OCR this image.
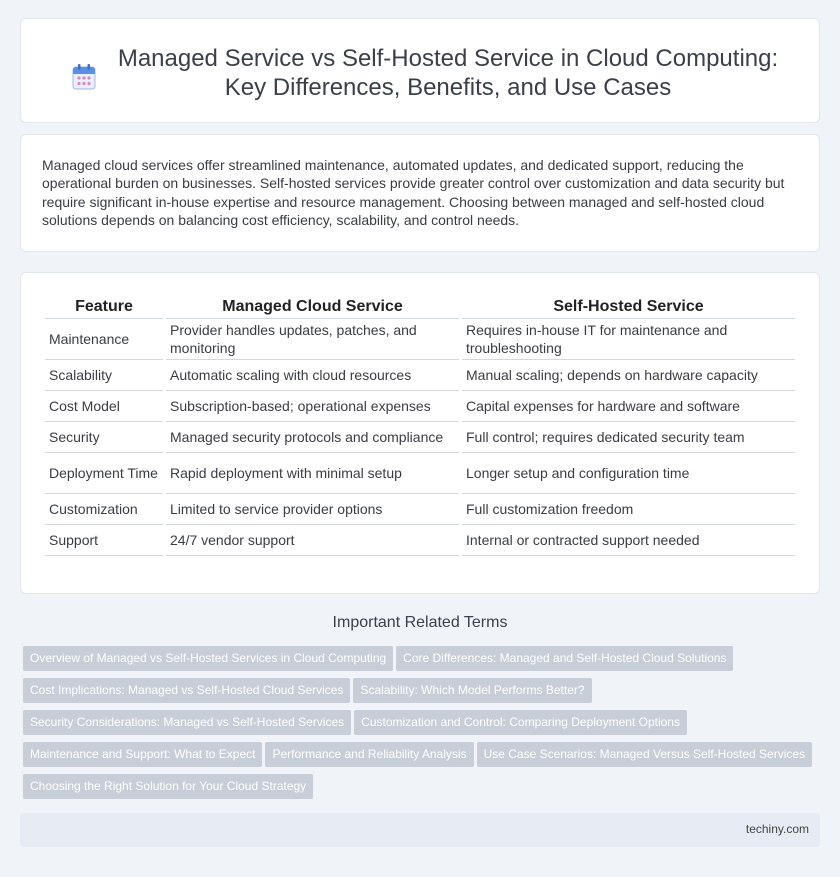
Managed Service vs Self-Hosted Service in Cloud Computing: Key Differences, Benefits, and Use Cases

Managed cloud services offer streamlined maintenance, automated updates, and dedicated support, reducing the operational burden on businesses. Self-hosted services provide greater control over customization and data security but require significant in-house expertise and resource management. Choosing between managed and self-hosted cloud solutions depends on balancing cost efficiency, scalability, and control needs.

Feature	Managed Cloud Service	Self-Hosted Service
Maintenance	Provider handles updates, patches, and monitoring	Requires in-house IT for maintenance and troubleshooting
Scalability	Automatic scaling with cloud resources	Manual scaling; depends on hardware capacity
Cost Model	Subscription-based; operational expenses	Capital expenses for hardware and software
Security	Managed security protocols and compliance	Full control; requires dedicated security team
Deployment Time	Rapid deployment with minimal setup	Longer setup and configuration time
Customization	Limited to service provider options	Full customization freedom
Support	24/7 vendor support	Internal or contracted support needed
Important Related Terms
Overview of Managed vs Self-Hosted Services in Cloud Computing Core Differences: Managed and Self-Hosted Cloud Solutions
Cost Implications: Managed vs Self-Hosted Cloud Services Scalability: Which Model Performs Better?
Security Considerations: Managed vs Self-Hosted Services Customization and Control: Comparing Deployment Options
Maintenance and Support: What to Expect Performance and Reliability Analysis Use Case Scenarios: Managed Versus Self-Hosted Services
Choosing the Right Solution for Your Cloud Strategy
techiny.com
